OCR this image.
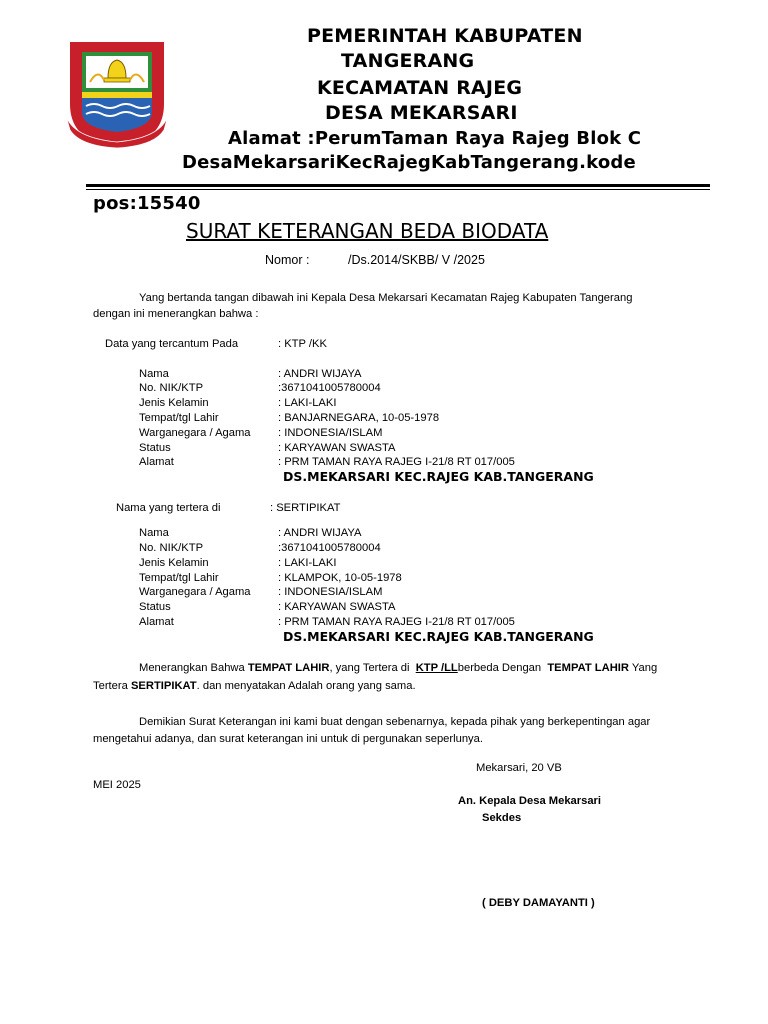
PEMERINTAH KABUPATEN
TANGERANG
KECAMATAN RAJEG
DESA MEKARSARI
Alamat :PerumTaman Raya Rajeg Blok C
DesaMekarsariKecRajegKabTangerang.kode
pos:15540
SURAT KETERANGAN BEDA BIODATA
Nomor :	/Ds.2014/SKBB/ V /2025
Yang bertanda tangan dibawah ini Kepala Desa Mekarsari Kecamatan Rajeg Kabupaten Tangerang
dengan ini menerangkan bahwa :
Data yang tercantum Pada	: KTP /KK
Nama	: ANDRI WIJAYA
No. NIK/KTP	:3671041005780004
Jenis Kelamin	: LAKI-LAKI
Tempat/tgl Lahir	: BANJARNEGARA, 10-05-1978
Warganegara / Agama : INDONESIA/ISLAM
Status	: KARYAWAN SWASTA
Alamat	: PRM TAMAN RAYA RAJEG I-21/8 RT 017/005
DS.MEKARSARI KEC.RAJEG KAB.TANGERANG
Nama yang tertera di	: SERTIPIKAT
Nama	: ANDRI WIJAYA
No. NIK/KTP	:3671041005780004
Jenis Kelamin	: LAKI-LAKI
Tempat/tgl Lahir	: KLAMPOK, 10-05-1978
Warganegara / Agama : INDONESIA/ISLAM
Status	: KARYAWAN SWASTA
Alamat	: PRM TAMAN RAYA RAJEG I-21/8 RT 017/005
DS.MEKARSARI KEC.RAJEG KAB.TANGERANG
Menerangkan Bahwa TEMPAT LAHIR, yang Tertera di  KTP /LLberbeda Dengan  TEMPAT LAHIR Yang
Tertera SERTIPIKAT. dan menyatakan Adalah orang yang sama.
Demikian Surat Keterangan ini kami buat dengan sebenarnya, kepada pihak yang berkepentingan agar
mengetahui adanya, dan surat keterangan ini untuk di pergunakan seperlunya.
Mekarsari, 20 VB
MEI 2025
An. Kepala Desa Mekarsari
Sekdes
( DEBY DAMAYANTI )
